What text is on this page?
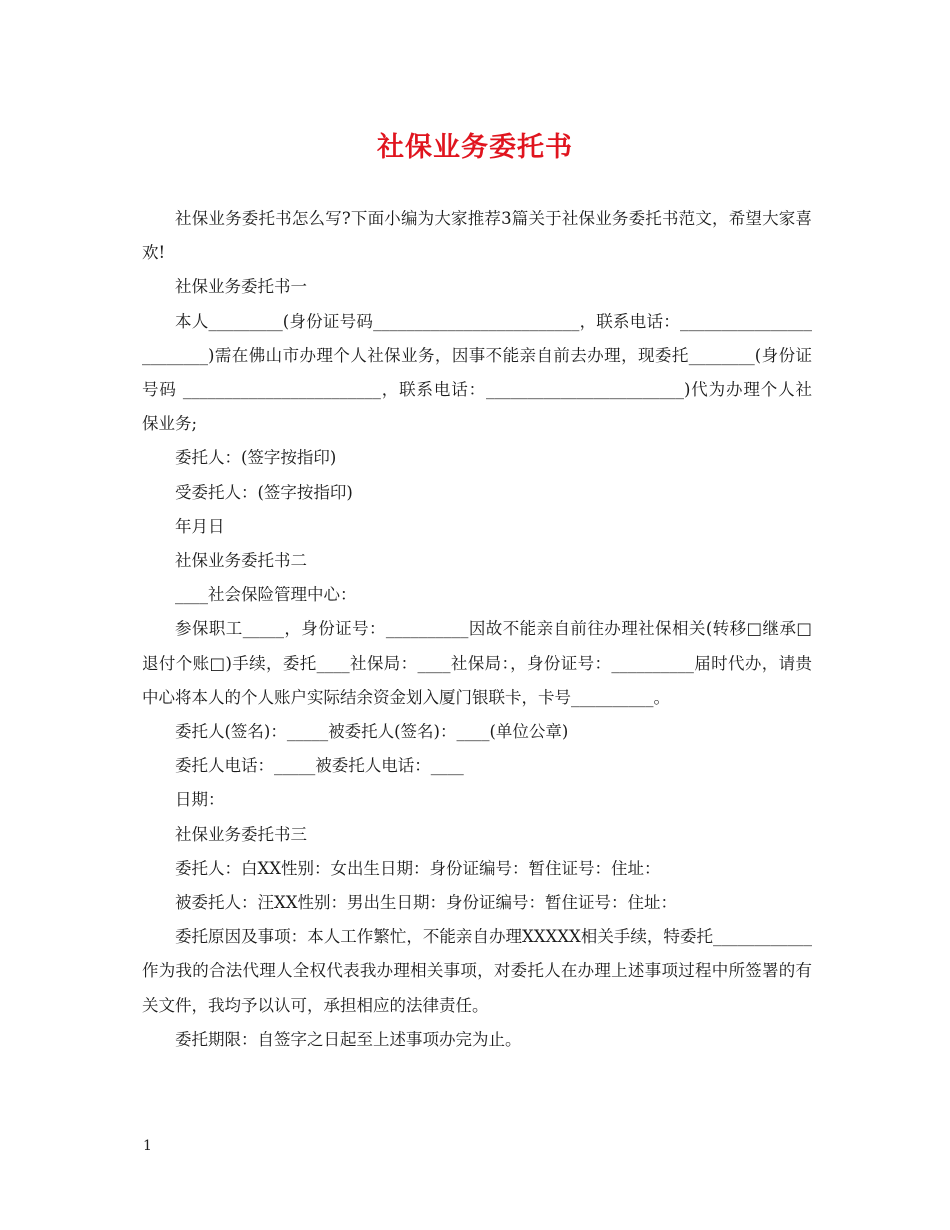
社保业务委托书

社保业务委托书怎么写?下面小编为大家推荐3篇关于社保业务委托书范文，希望大家喜欢!

社保业务委托书一

本人_________(身份证号码_________________________，联系电话：________________________)需在佛山市办理个人社保业务，因事不能亲自前去办理，现委托________(身份证号码 ________________________，联系电话：________________________)代为办理个人社保业务;

委托人：(签字按指印)

受委托人：(签字按指印)

年月日

社保业务委托书二

____社会保险管理中心：

参保职工_____，身份证号：__________因故不能亲自前往办理社保相关(转移□继承□退付个账□)手续，委托____社保局：____社保局：，身份证号：__________届时代办，请贵中心将本人的个人账户实际结余资金划入厦门银联卡，卡号__________。

委托人(签名)：_____被委托人(签名)：____(单位公章)

委托人电话：_____被委托人电话：____

日期：

社保业务委托书三

委托人：白XX性别：女出生日期：身份证编号：暂住证号：住址：

被委托人：汪XX性别：男出生日期：身份证编号：暂住证号：住址：

委托原因及事项：本人工作繁忙，不能亲自办理XXXXX相关手续，特委托____________作为我的合法代理人全权代表我办理相关事项，对委托人在办理上述事项过程中所签署的有关文件，我均予以认可，承担相应的法律责任。

委托期限：自签字之日起至上述事项办完为止。

1
